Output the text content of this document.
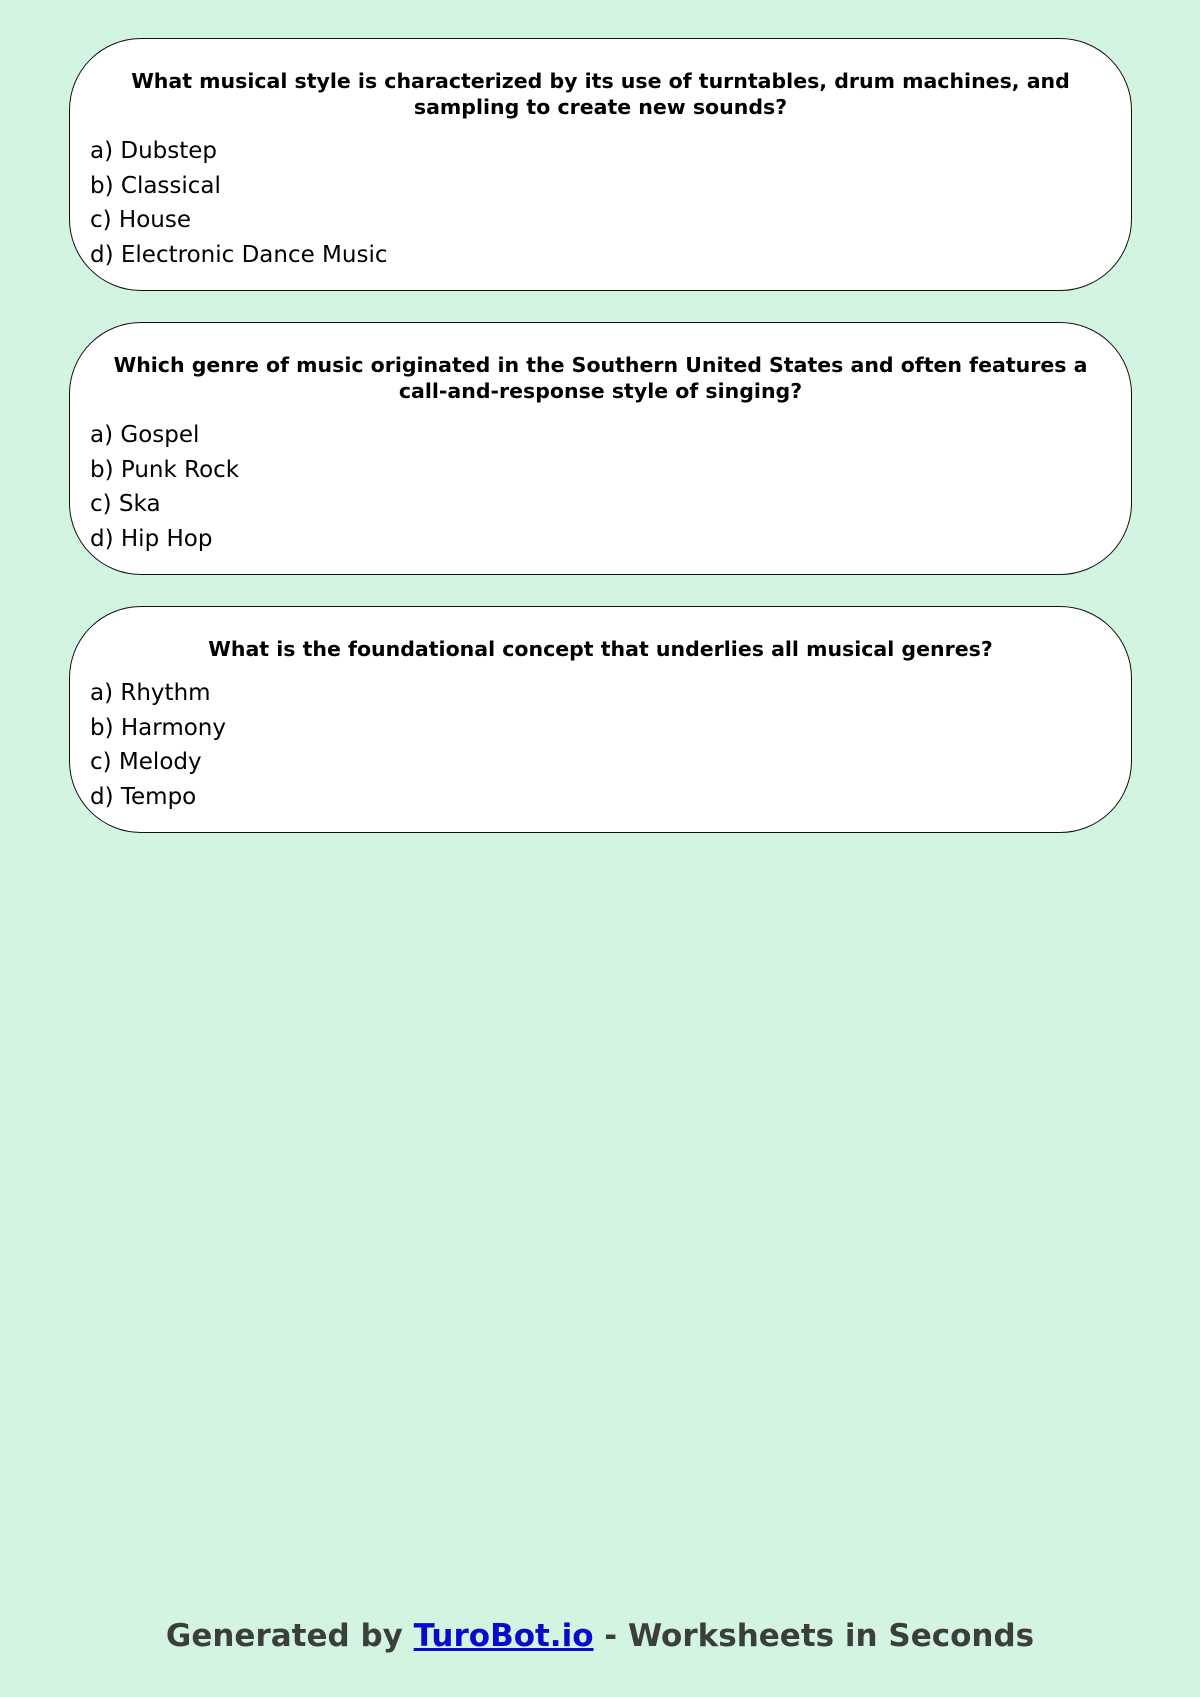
What musical style is characterized by its use of turntables, drum machines, and sampling to create new sounds?
a) Dubstep
b) Classical
c) House
d) Electronic Dance Music
Which genre of music originated in the Southern United States and often features a call-and-response style of singing?
a) Gospel
b) Punk Rock
c) Ska
d) Hip Hop
What is the foundational concept that underlies all musical genres?
a) Rhythm
b) Harmony
c) Melody
d) Tempo
Generated by TuroBot.io - Worksheets in Seconds
